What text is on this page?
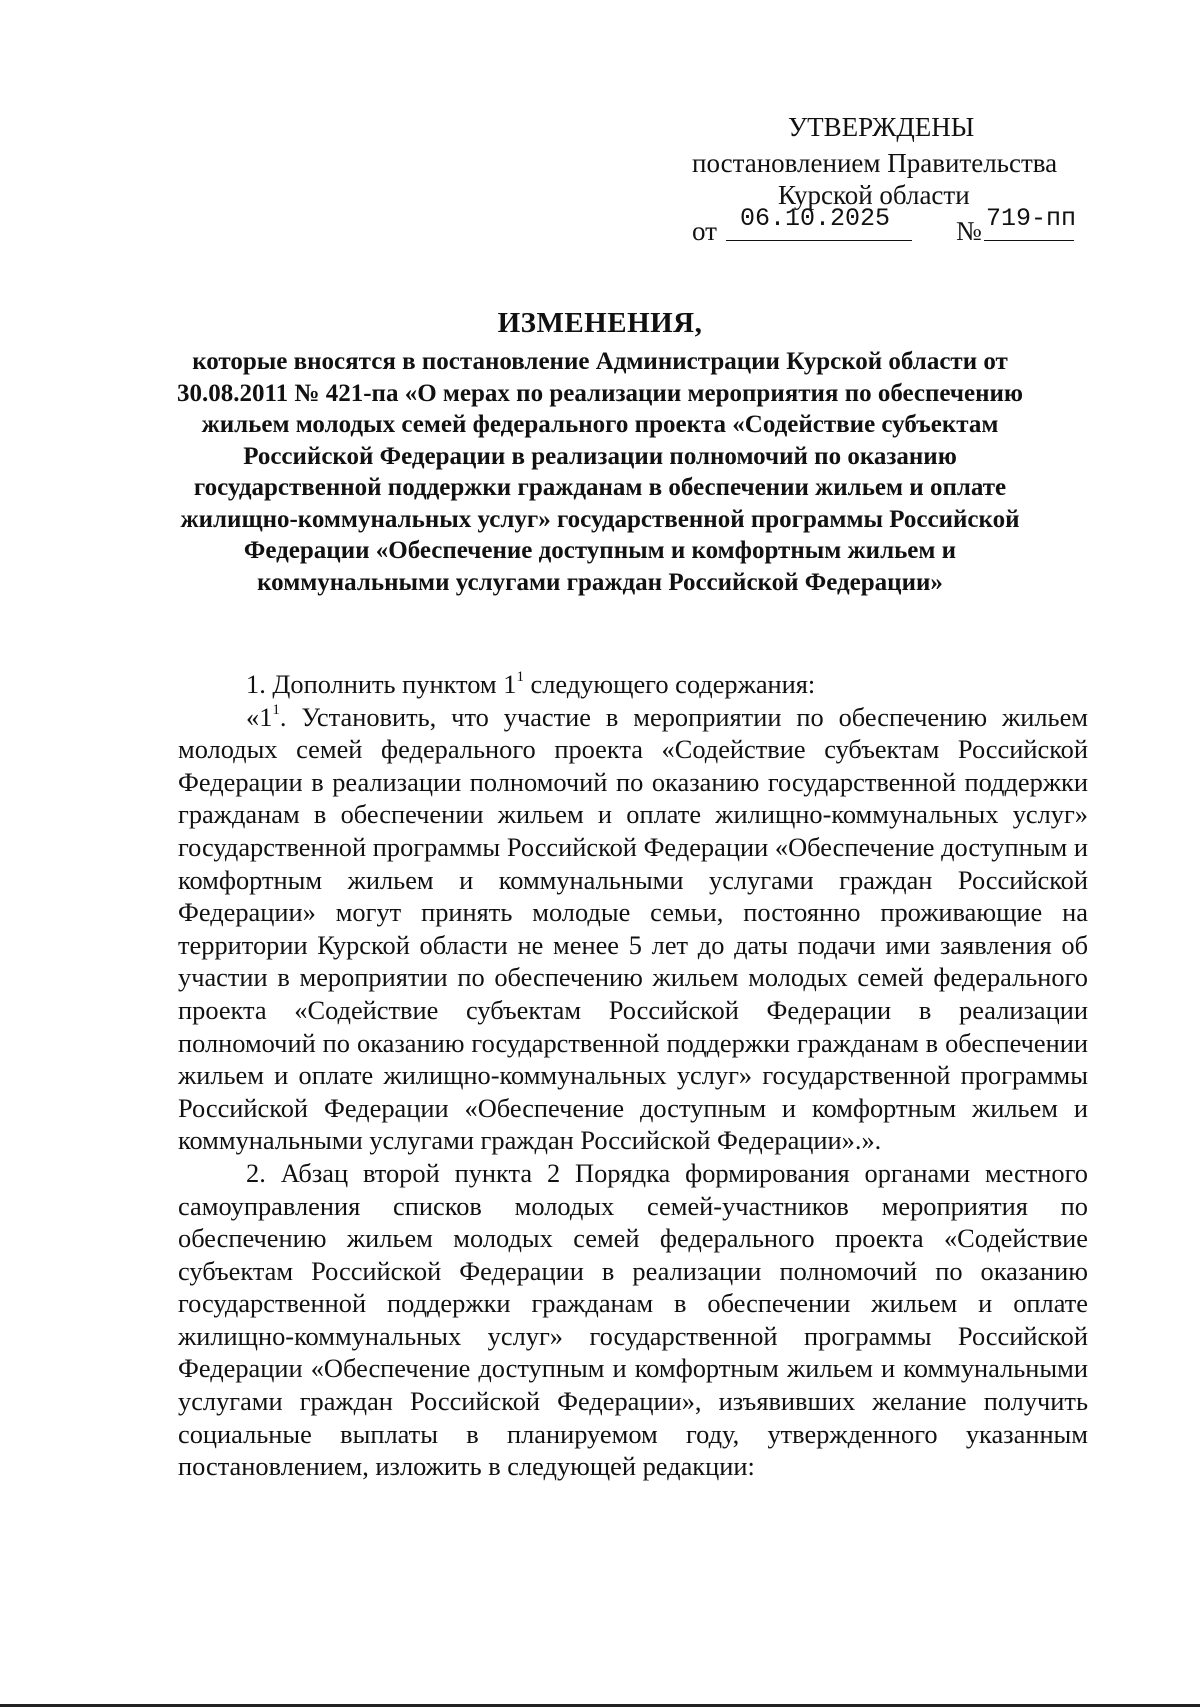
УТВЕРЖДЕНЫ
постановлением Правительства
Курской области
от 06.10.2025 № 719-пп
ИЗМЕНЕНИЯ,
которые вносятся в постановление Администрации Курской области от 30.08.2011 № 421-па «О мерах по реализации мероприятия по обеспечению жильем молодых семей федерального проекта «Содействие субъектам Российской Федерации в реализации полномочий по оказанию государственной поддержки гражданам в обеспечении жильем и оплате жилищно-коммунальных услуг» государственной программы Российской Федерации «Обеспечение доступным и комфортным жильем и коммунальными услугами граждан Российской Федерации»

1. Дополнить пунктом $1^1$ следующего содержания:

«$1^1$. Установить, что участие в мероприятии по обеспечению жильем молодых семей федерального проекта «Содействие субъектам Российской Федерации в реализации полномочий по оказанию государственной поддержки гражданам в обеспечении жильем и оплате жилищно-коммунальных услуг» государственной программы Российской Федерации «Обеспечение доступным и комфортным жильем и коммунальными услугами граждан Российской Федерации» могут принять молодые семьи, постоянно проживающие на территории Курской области не менее 5 лет до даты подачи ими заявления об участии в мероприятии по обеспечению жильем молодых семей федерального проекта «Содействие субъектам Российской Федерации в реализации полномочий по оказанию государственной поддержки гражданам в обеспечении жильем и оплате жилищно-коммунальных услуг» государственной программы Российской Федерации «Обеспечение доступным и комфортным жильем и коммунальными услугами граждан Российской Федерации».».

2. Абзац второй пункта 2 Порядка формирования органами местного самоуправления списков молодых семей-участников мероприятия по обеспечению жильем молодых семей федерального проекта «Содействие субъектам Российской Федерации в реализации полномочий по оказанию государственной поддержки гражданам в обеспечении жильем и оплате жилищно-коммунальных услуг» государственной программы Российской Федерации «Обеспечение доступным и комфортным жильем и коммунальными услугами граждан Российской Федерации», изъявивших желание получить социальные выплаты в планируемом году, утвержденного указанным постановлением, изложить в следующей редакции:
